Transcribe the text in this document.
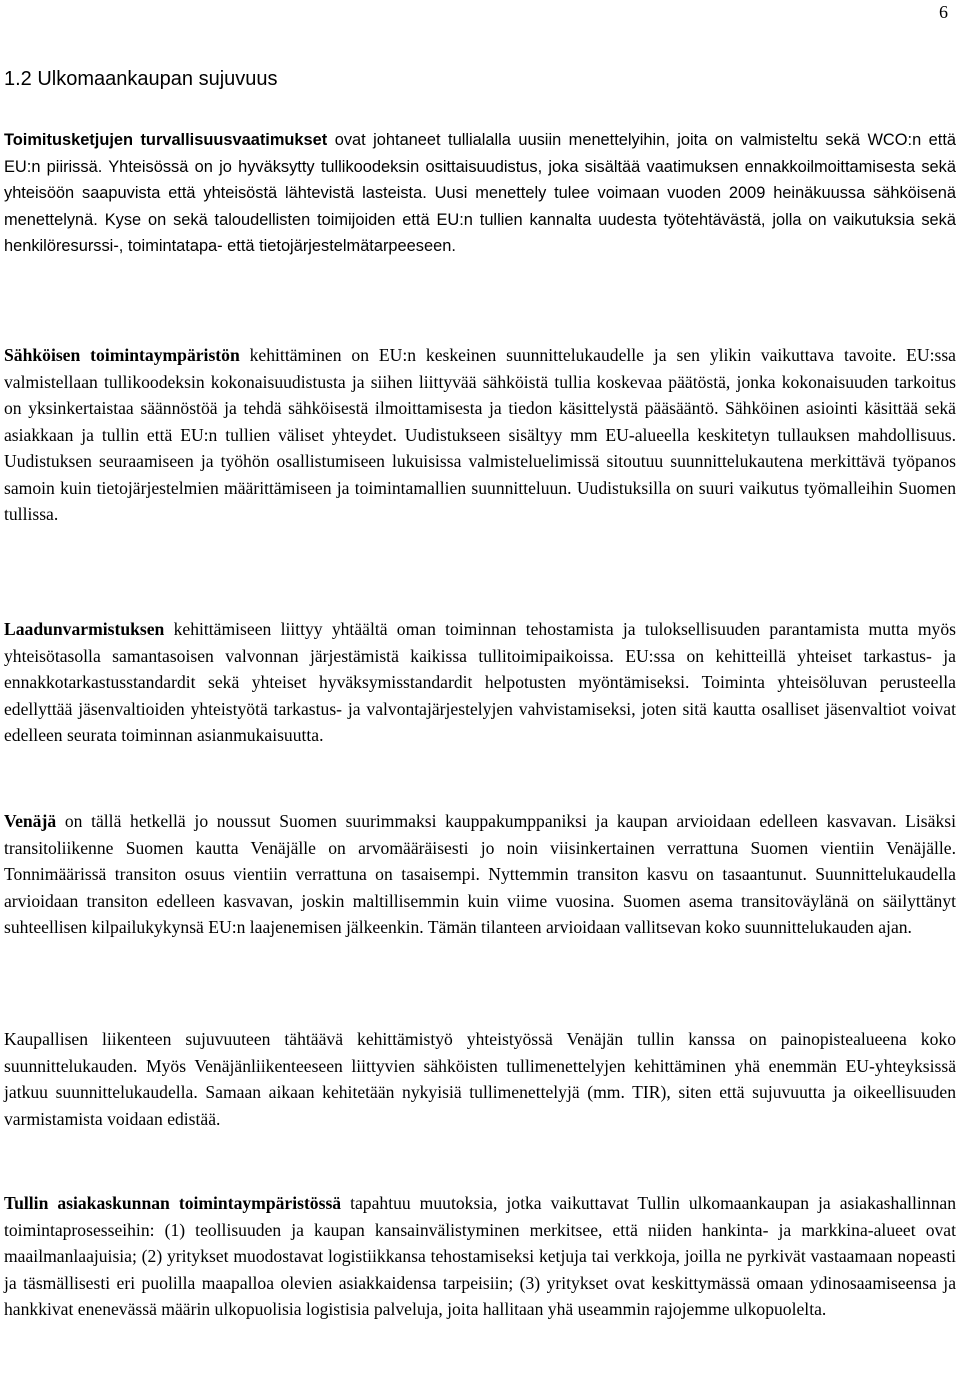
6
1.2 Ulkomaankaupan sujuvuus

Toimitusketjujen turvallisuusvaatimukset ovat johtaneet tullialalla uusiin menettelyihin, joita on valmisteltu sekä WCO:n että EU:n piirissä. Yhteisössä on jo hyväksytty tullikoodeksin osittaisuudistus, joka sisältää vaatimuksen ennakkoilmoittamisesta sekä yhteisöön saapuvista että yhteisöstä lähtevistä lasteista. Uusi menettely tulee voimaan vuoden 2009 heinäkuussa sähköisenä menettelynä. Kyse on sekä taloudellisten toimijoiden että EU:n tullien kannalta uudesta työtehtävästä, jolla on vaikutuksia sekä henkilöresurssi-, toimintatapa- että tietojärjestelmätarpeeseen.

Sähköisen toimintaympäristön kehittäminen on EU:n keskeinen suunnittelukaudelle ja sen ylikin vaikuttava tavoite. EU:ssa valmistellaan tullikoodeksin kokonaisuudistusta ja siihen liittyvää sähköistä tullia koskevaa päätöstä, jonka kokonaisuuden tarkoitus on yksinkertaistaa säännöstöä ja tehdä sähköisestä ilmoittamisesta ja tiedon käsittelystä pääsääntö. Sähköinen asiointi käsittää sekä asiakkaan ja tullin että EU:n tullien väliset yhteydet. Uudistukseen sisältyy mm EU-alueella keskitetyn tullauksen mahdollisuus. Uudistuksen seuraamiseen ja työhön osallistumiseen lukuisissa valmisteluelimissä sitoutuu suunnittelukautena merkittävä työpanos samoin kuin tietojärjestelmien määrittämiseen ja toimintamallien suunnitteluun. Uudistuksilla on suuri vaikutus työmalleihin Suomen tullissa.

Laadunvarmistuksen kehittämiseen liittyy yhtäältä oman toiminnan tehostamista ja tuloksellisuuden parantamista mutta myös yhteisötasolla samantasoisen valvonnan järjestämistä kaikissa tullitoimipaikoissa. EU:ssa on kehitteillä yhteiset tarkastus- ja ennakkotarkastusstandardit sekä yhteiset hyväksymisstandardit helpotusten myöntämiseksi. Toiminta yhteisöluvan perusteella edellyttää jäsenvaltioiden yhteistyötä tarkastus- ja valvontajärjestelyjen vahvistamiseksi, joten sitä kautta osalliset jäsenvaltiot voivat edelleen seurata toiminnan asianmukaisuutta.

Venäjä on tällä hetkellä jo noussut Suomen suurimmaksi kauppakumppaniksi ja kaupan arvioidaan edelleen kasvavan. Lisäksi transitoliikenne Suomen kautta Venäjälle on arvomääräisesti jo noin viisinkertainen verrattuna Suomen vientiin Venäjälle. Tonnimäärissä transiton osuus vientiin verrattuna on tasaisempi. Nyttemmin transiton kasvu on tasaantunut. Suunnittelukaudella arvioidaan transiton edelleen kasvavan, joskin maltillisemmin kuin viime vuosina. Suomen asema transitoväylänä on säilyttänyt suhteellisen kilpailukykynsä EU:n laajenemisen jälkeenkin. Tämän tilanteen arvioidaan vallitsevan koko suunnittelukauden ajan.

Kaupallisen liikenteen sujuvuuteen tähtäävä kehittämistyö yhteistyössä Venäjän tullin kanssa on painopistealueena koko suunnittelukauden. Myös Venäjänliikenteeseen liittyvien sähköisten tullimenettelyjen kehittäminen yhä enemmän EU-yhteyksissä jatkuu suunnittelukaudella. Samaan aikaan kehitetään nykyisiä tullimenettelyjä (mm. TIR), siten että sujuvuutta ja oikeellisuuden varmistamista voidaan edistää.

Tullin asiakaskunnan toimintaympäristössä tapahtuu muutoksia, jotka vaikuttavat Tullin ulkomaankaupan ja asiakashallinnan toimintaprosesseihin: (1) teollisuuden ja kaupan kansainvälistyminen merkitsee, että niiden hankinta- ja markkina-alueet ovat maailmanlaajuisia; (2) yritykset muodostavat logistiikkansa tehostamiseksi ketjuja tai verkkoja, joilla ne pyrkivät vastaamaan nopeasti ja täsmällisesti eri puolilla maapalloa olevien asiakkaidensa tarpeisiin; (3) yritykset ovat keskittymässä omaan ydinosaamiseensa ja hankkivat enenevässä määrin ulkopuolisia logistisia palveluja, joita hallitaan yhä useammin rajojemme ulkopuolelta.
